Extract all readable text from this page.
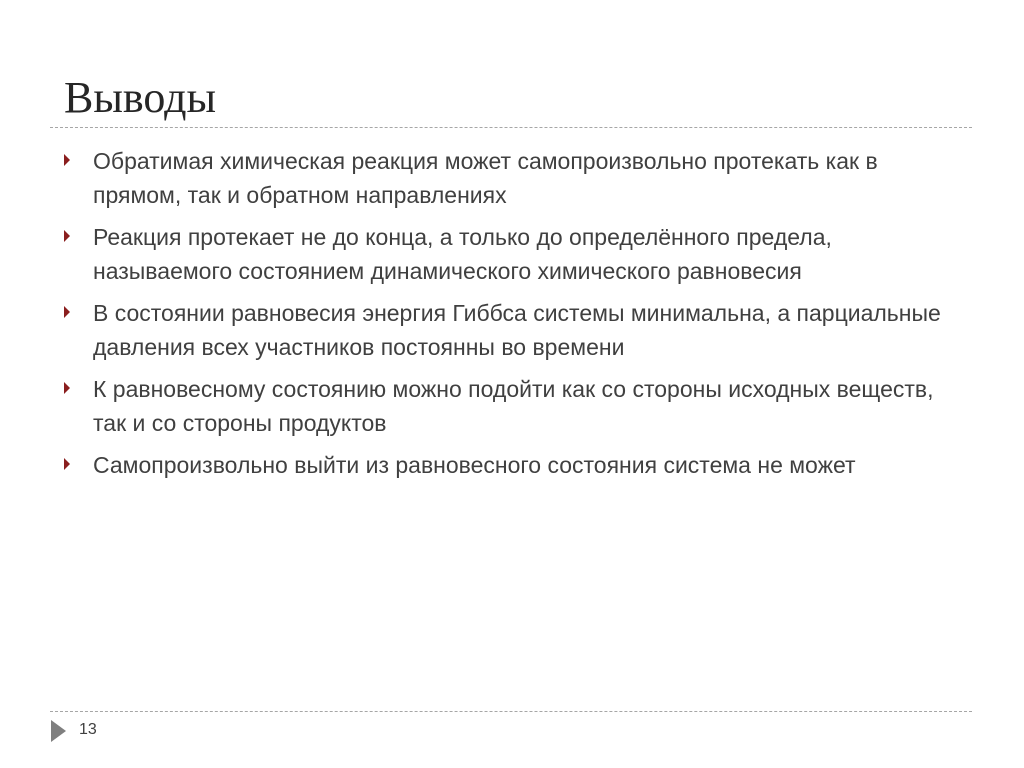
Выводы
Обратимая химическая реакция может самопроизвольно протекать как в прямом, так и обратном направлениях
Реакция протекает не до конца, а только до определённого предела, называемого состоянием динамического химического равновесия
В состоянии равновесия энергия Гиббса системы минимальна, а парциальные давления всех участников постоянны во времени
К равновесному состоянию можно подойти как со стороны исходных веществ, так и со стороны продуктов
Самопроизвольно выйти из равновесного состояния система не может
13
